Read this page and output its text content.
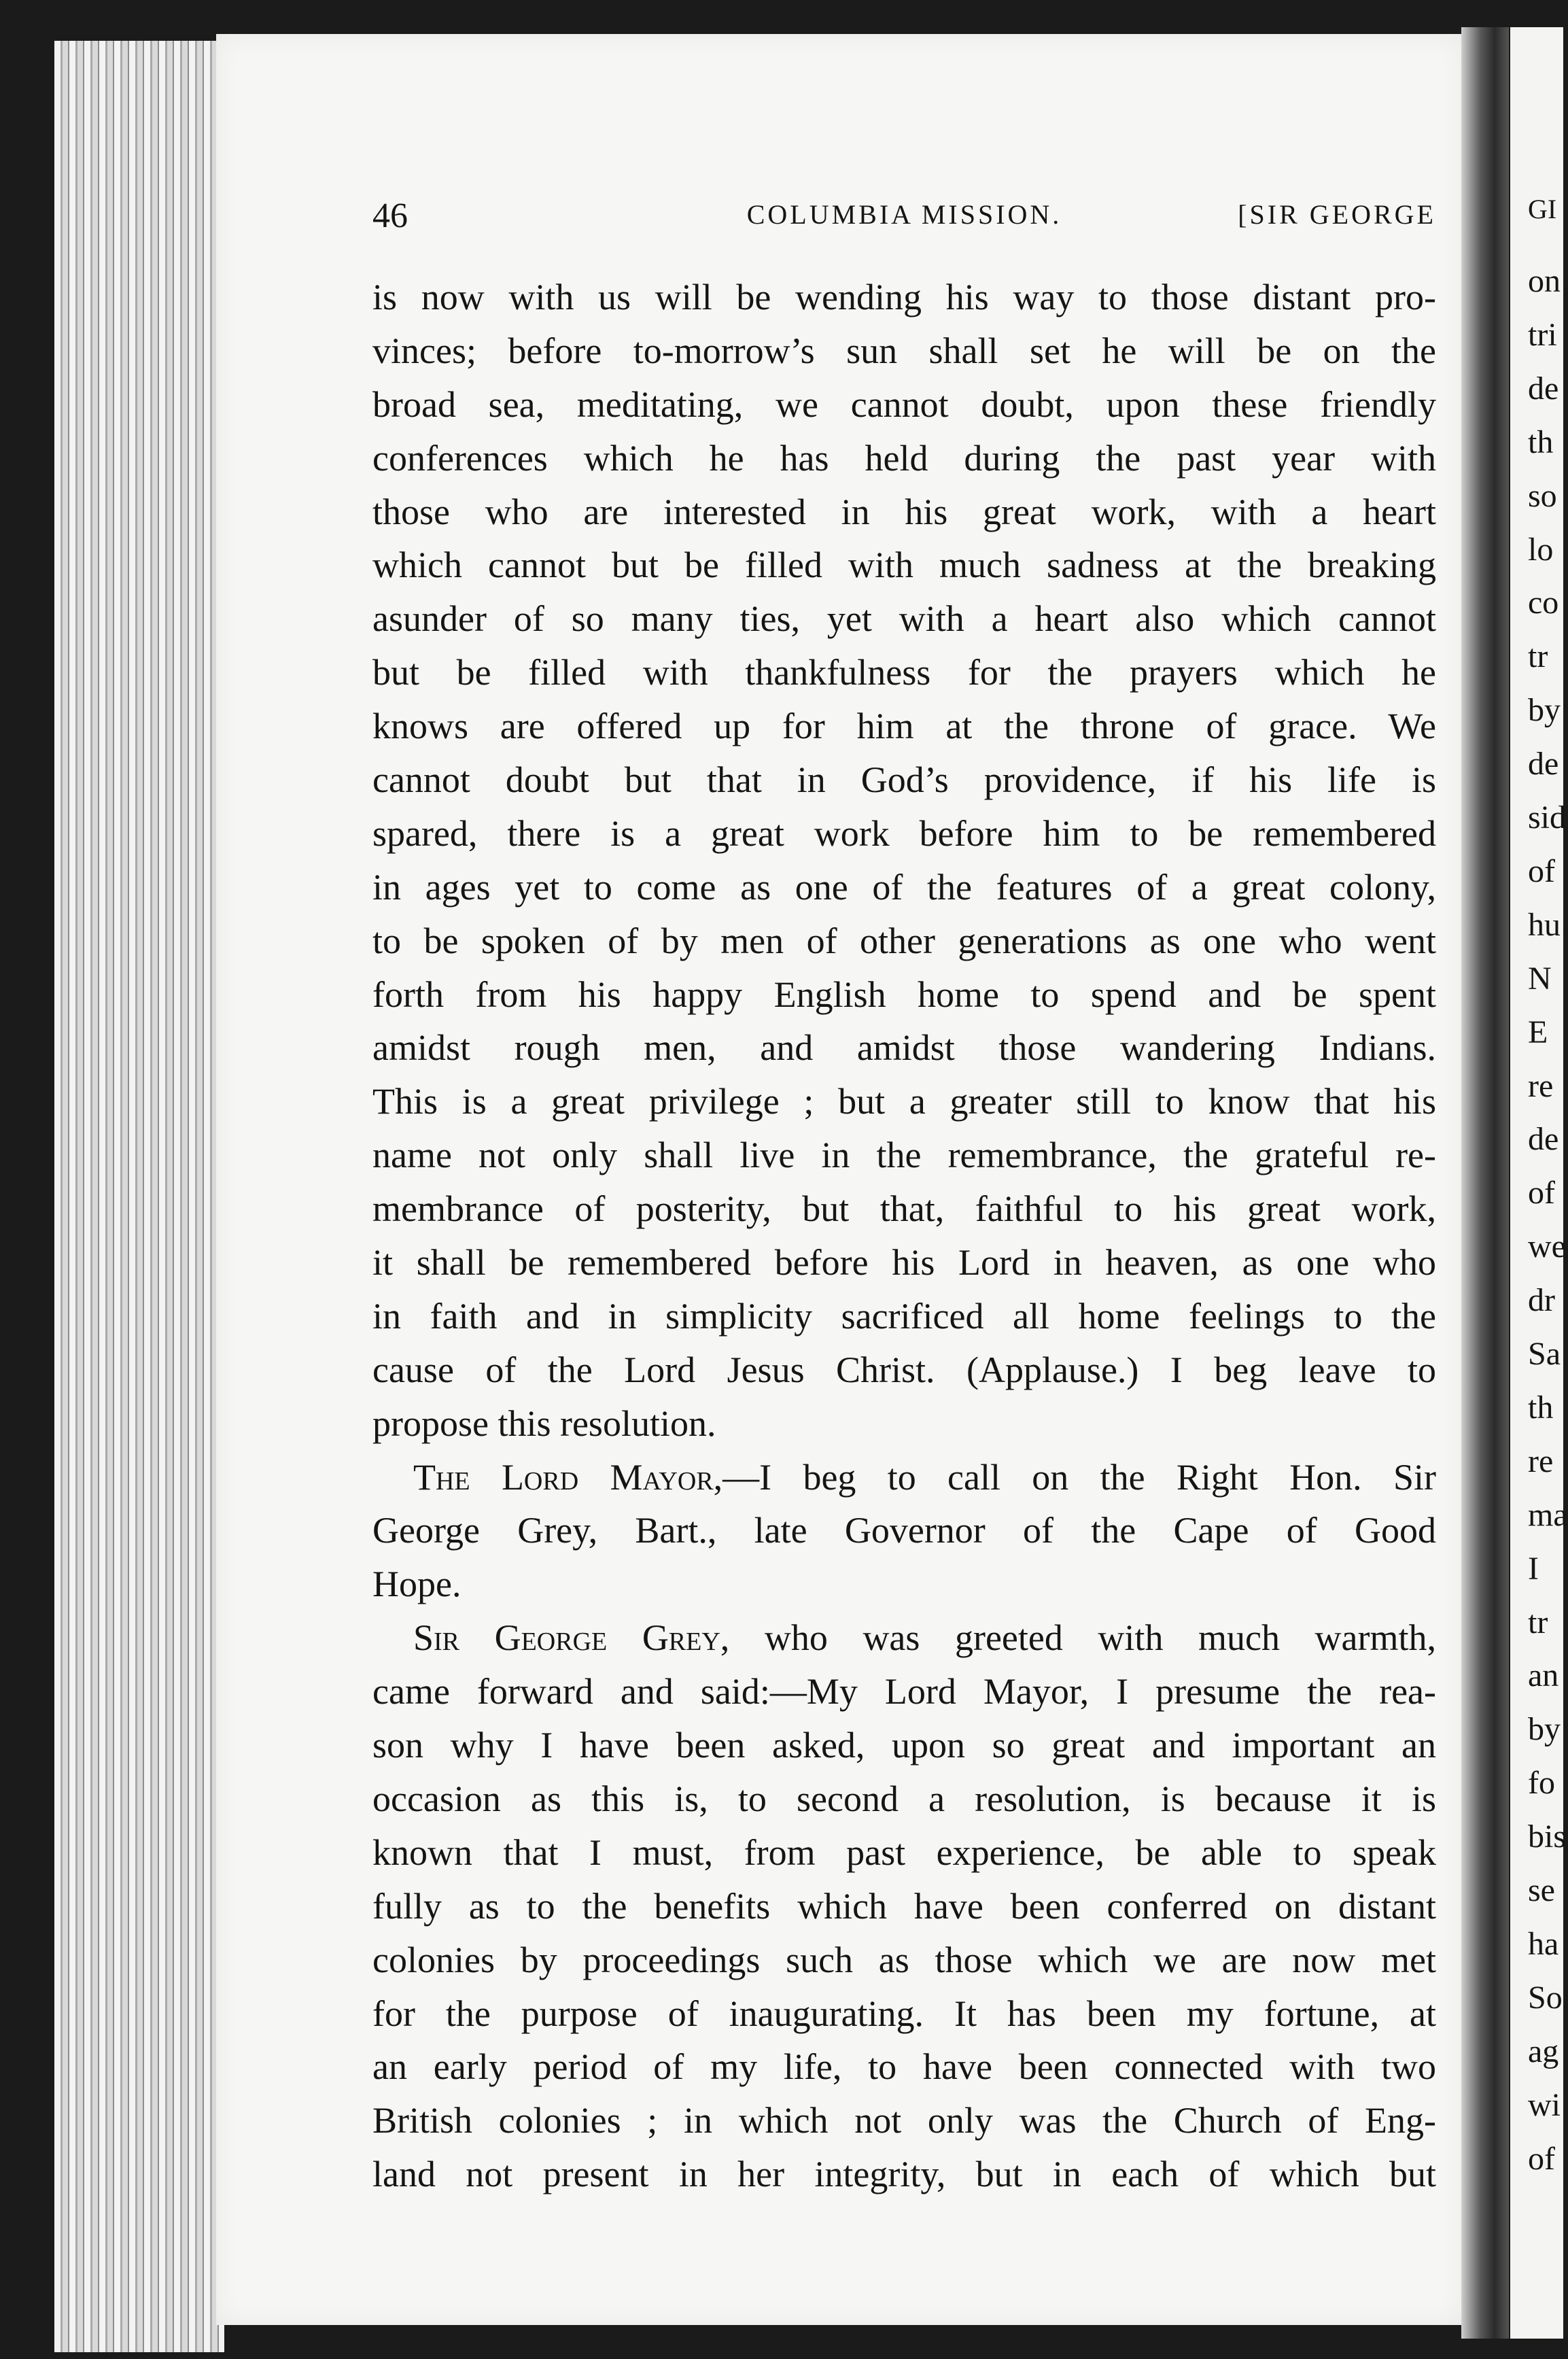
GI
on
tri
de
th
so
lo
co
tr
by
de
sid
of
hu
N
E
re
de
of
we
dr
Sa
th
re
ma
I
tr
an
by
fo
bis
se
ha
So
ag
wi
of
46	COLUMBIA MISSION.	[SIR GEORGE
is now with us will be wending his way to those distant pro-
vinces; before to-morrow’s sun shall set he will be on the
broad sea, meditating, we cannot doubt, upon these friendly
conferences which he has held during the past year with
those who are interested in his great work, with a heart
which cannot but be filled with much sadness at the breaking
asunder of so many ties, yet with a heart also which cannot
but be filled with thankfulness for the prayers which he
knows are offered up for him at the throne of grace. We
cannot doubt but that in God’s providence, if his life is
spared, there is a great work before him to be remembered
in ages yet to come as one of the features of a great colony,
to be spoken of by men of other generations as one who went
forth from his happy English home to spend and be spent
amidst rough men, and amidst those wandering Indians.
This is a great privilege ; but a greater still to know that his
name not only shall live in the remembrance, the grateful re-
membrance of posterity, but that, faithful to his great work,
it shall be remembered before his Lord in heaven, as one who
in faith and in simplicity sacrificed all home feelings to the
cause of the Lord Jesus Christ. (Applause.) I beg leave to
propose this resolution.
The Lord Mayor,—I beg to call on the Right Hon. Sir
George Grey, Bart., late Governor of the Cape of Good
Hope.
Sir George Grey, who was greeted with much warmth,
came forward and said:—My Lord Mayor, I presume the rea-
son why I have been asked, upon so great and important an
occasion as this is, to second a resolution, is because it is
known that I must, from past experience, be able to speak
fully as to the benefits which have been conferred on distant
colonies by proceedings such as those which we are now met
for the purpose of inaugurating. It has been my fortune, at
an early period of my life, to have been connected with two
British colonies ; in which not only was the Church of Eng-
land not present in her integrity, but in each of which but
